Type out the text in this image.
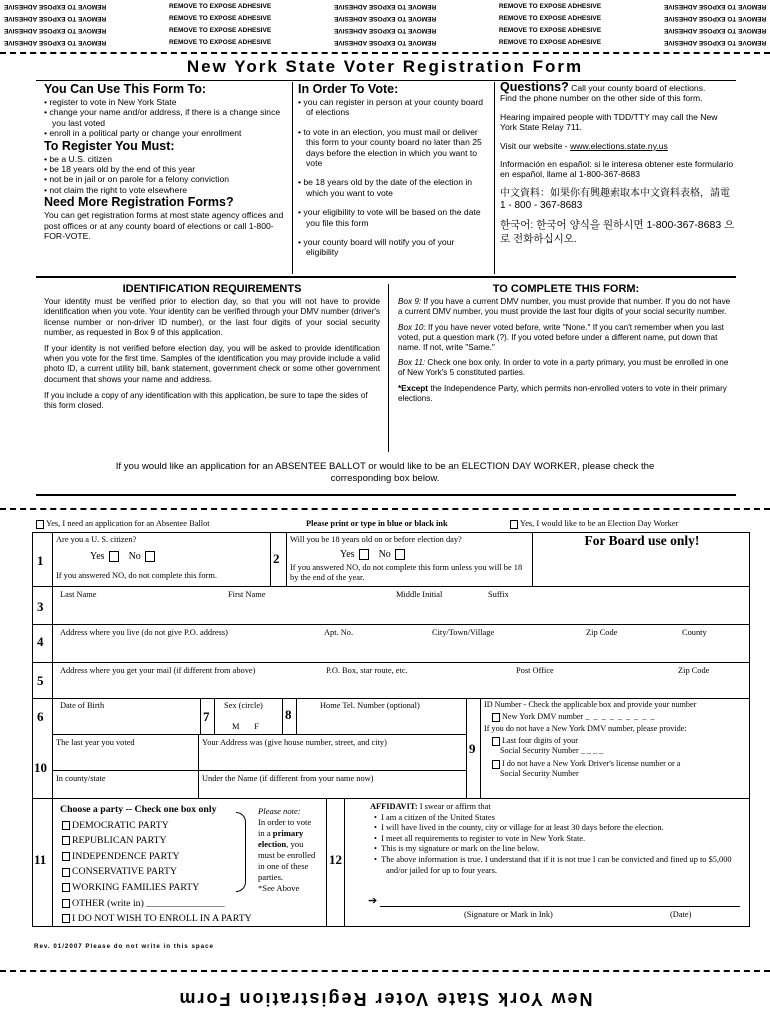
REMOVE TO EXPOSE ADHESIVE	REMOVE TO EXPOSE ADHESIVE	REMOVE TO EXPOSE ADHESIVE	REMOVE TO EXPOSE ADHESIVE	REMOVE TO EXPOSE ADHESIVE
REMOVE TO EXPOSE ADHESIVE	REMOVE TO EXPOSE ADHESIVE	REMOVE TO EXPOSE ADHESIVE	REMOVE TO EXPOSE ADHESIVE	REMOVE TO EXPOSE ADHESIVE
REMOVE TO EXPOSE ADHESIVE	REMOVE TO EXPOSE ADHESIVE	REMOVE TO EXPOSE ADHESIVE	REMOVE TO EXPOSE ADHESIVE	REMOVE TO EXPOSE ADHESIVE
REMOVE TO EXPOSE ADHESIVE	REMOVE TO EXPOSE ADHESIVE	REMOVE TO EXPOSE ADHESIVE	REMOVE TO EXPOSE ADHESIVE	REMOVE TO EXPOSE ADHESIVE
New York State Voter Registration Form
You Can Use This Form To:
• register to vote in New York State
• change your name and/or address, if there is a change since you last voted
• enroll in a political party or change your enrollment
To Register You Must:
• be a U.S. citizen
• be 18 years old by the end of this year
• not be in jail or on parole for a felony conviction
• not claim the right to vote elsewhere
Need More Registration Forms?
You can get registration forms at most state agency offices and post offices or at any county board of elections or call 1-800-FOR-VOTE.
In Order To Vote:
• you can register in person at your county board of elections
• to vote in an election, you must mail or deliver this form to your county board no later than 25 days before the election in which you want to vote
• be 18 years old by the date of the election in which you want to vote
• your eligibility to vote will be based on the date you file this form
• your county board will notify you of your eligibility
Questions? Call your county board of elections.
Find the phone number on the other side of this form.
Hearing impaired people with TDD/TTY may call the New York State Relay 711.
Visit our website - www.elections.state.ny.us
Información en español: si le interesa obtener este formulario en español, llame al 1-800-367-8683
中文資料：如果你有興趣索取本中文資料表格，請電 1 - 800 - 367-8683
한국어: 한국어 양식을 원하시면 1-800-367-8683 으로 전화하십시오.
IDENTIFICATION REQUIREMENTS
Your identity must be verified prior to election day, so that you will not have to provide identification when you vote. Your identity can be verified through your DMV number (driver's license number or non-driver ID number), or the last four digits of your social security number, as requested in Box 9 of this application.
If your identity is not verified before election day, you will be asked to provide identification when you vote for the first time. Samples of the identification you may provide include a valid photo ID, a current utility bill, bank statement, government check or some other government document that shows your name and address.
If you include a copy of any identification with this application, be sure to tape the sides of this form closed.
TO COMPLETE THIS FORM:
Box 9: If you have a current DMV number, you must provide that number. If you do not have a current DMV number, you must provide the last four digits of your social security number.
Box 10: If you have never voted before, write "None." If you can't remember when you last voted, put a question mark (?). If you voted before under a different name, put down that name. If not, write "Same."
Box 11: Check one box only. In order to vote in a party primary, you must be enrolled in one of New York's 5 constituted parties.
*Except the Independence Party, which permits non-enrolled voters to vote in their primary elections.
If you would like an application for an ABSENTEE BALLOT or would like to be an ELECTION DAY WORKER, please check the corresponding box below.
Yes, I need an application for an Absentee Ballot	Please print or type in blue or black ink	Yes, I would like to be an Election Day Worker
1
Are you a U. S. citizen?
Yes No
If you answered NO, do not complete this form.
2
Will you be 18 years old on or before election day?
Yes No
If you answered NO, do not complete this form unless you will be 18 by the end of the year.
For Board use only!
3
Last Name	First Name	Middle Initial	Suffix
4
Address where you live (do not give P.O. address)	Apt. No.	City/Town/Village	Zip Code	County
5
Address where you get your mail (if different from above)	P.O. Box, star route, etc.	Post Office	Zip Code
6
Date of Birth
7
Sex (circle)
M F
8
Home Tel. Number (optional)
9
ID Number - Check the applicable box and provide your number
New York DMV number _ _ _ _ _ _ _ _ _
If you do not have a New York DMV number, please provide:
Last four digits of your
Social Security Number _ _ _ _
I do not have a New York Driver's license number or a
Social Security Number
10
The last year you voted	Your Address was (give house number, street, and city)
In county/state	Under the Name (if different from your name now)
11
Choose a party -- Check one box only
DEMOCRATIC PARTY
REPUBLICAN PARTY
INDEPENDENCE PARTY
CONSERVATIVE PARTY
WORKING FAMILIES PARTY
OTHER (write in) ________________
I DO NOT WISH TO ENROLL IN A PARTY
Please note:
In order to vote
in a primary
election, you
must be enrolled
in one of these
parties.
*See Above
12
AFFIDAVIT: I swear or affirm that
•  I am a citizen of the United States
•  I will have lived in the county, city or village for at least 30 days before the election.
•  I meet all requirements to register to vote in New York State.
•  This is my signature or mark on the line below.
•  The above information is true. I understand that if it is not true I can be convicted and fined up to $5,000 and/or jailed for up to four years.
➔
(Signature or Mark in Ink)	(Date)
Rev. 01/2007 Please do not write in this space
New York State Voter Registration Form
